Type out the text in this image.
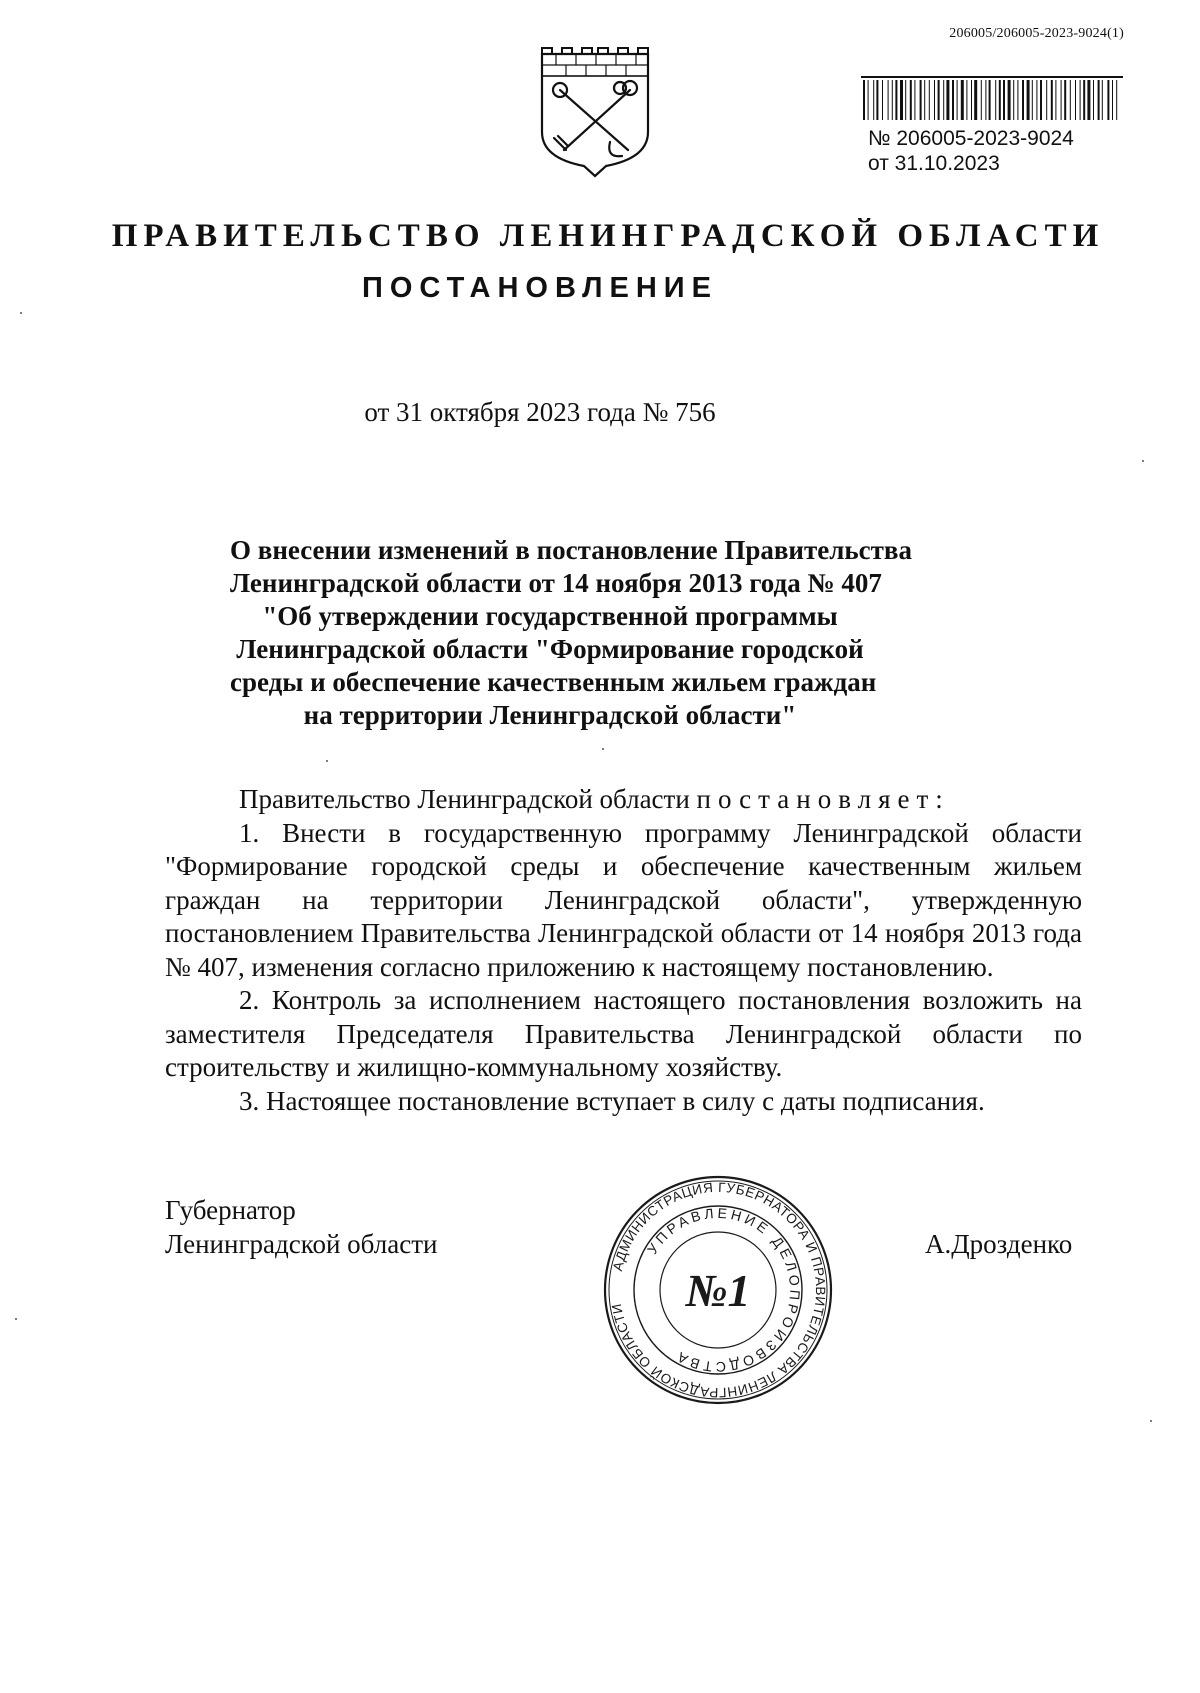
206005/206005-2023-9024(1)
№ 206005-2023-9024
от 31.10.2023
ПРАВИТЕЛЬСТВО ЛЕНИНГРАДСКОЙ ОБЛАСТИ
ПОСТАНОВЛЕНИЕ
от 31 октября 2023 года № 756
О внесении изменений в постановление Правительства
Ленинградской области от 14 ноября 2013 года № 407
"Об утверждении государственной программы
Ленинградской области "Формирование городской
среды и обеспечение качественным жильем граждан
на территории Ленинградской области"

Правительство Ленинградской области постановляет:

1. Внести в государственную программу Ленинградской области "Формирование городской среды и обеспечение качественным жильем граждан на территории Ленинградской области", утвержденную постановлением Правительства Ленинградской области от 14 ноября 2013 года № 407, изменения согласно приложению к настоящему постановлению.

2. Контроль за исполнением настоящего постановления возложить на заместителя Председателя Правительства Ленинградской области по строительству и жилищно-коммунальному хозяйству.

3. Настоящее постановление вступает в силу с даты подписания.

Губернатор
Ленинградской области	А.Дрозденко
АДМИНИСТРАЦИЯ ГУБЕРНАТОРА И ПРАВИТЕЛЬСТВА ЛЕНИНГРАДСКОЙ ОБЛАСТИ
УПРАВЛЕНИЕ ДЕЛОПРОИЗВОДСТВА
№1
